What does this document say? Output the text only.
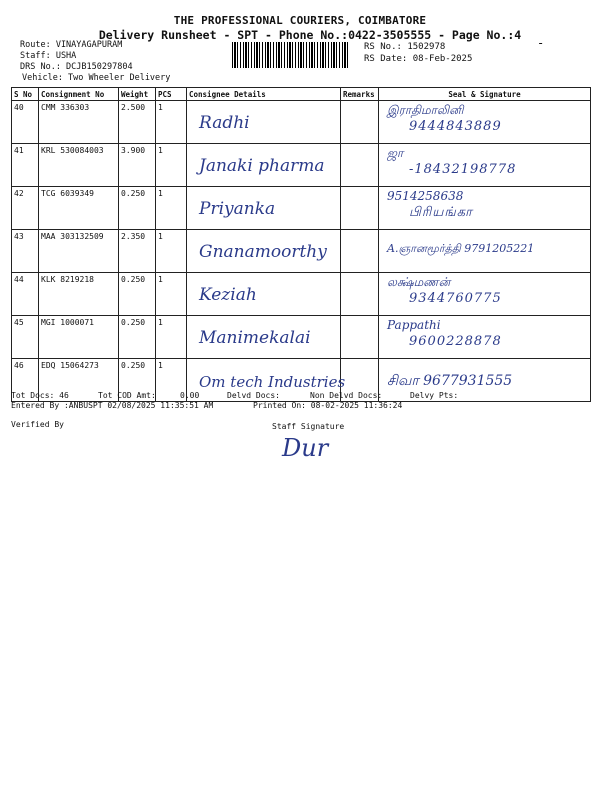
THE PROFESSIONAL COURIERS, COIMBATORE
Delivery Runsheet - SPT - Phone No.:0422-3505555 - Page No.:4
Route: VINAYAGAPURAM
Staff: USHA
DRS No.: DCJB150297804
Vehicle: Two Wheeler Delivery
RS No.: 1502978
RS Date: 08-Feb-2025
-
S No	Consignment No	Weight	PCS	Consignee Details	Remarks	Seal & Signature
40	CMM 336303	2.500	1	Radhi		இராதிமாலினி
9444843889

41	KRL 530084003	3.900	1	Janaki pharma		ஜா
-18432198778

42	TCG 6039349	0.250	1	Priyanka		9514258638
பிரியங்கா

43	MAA 303132509	2.350	1	Gnanamoorthy		A.ஞானமூர்த்தி 9791205221

44	KLK 8219218	0.250	1	Keziah		லக்ஷ்மணன்
9344760775

45	MGI 1000071	0.250	1	Manimekalai		Pappathi
9600228878

46	EDQ 15064273	0.250	1	Om tech Industries		சிவா 9677931555
Tot Docs: 46	Tot COD Amt:	0.00	Delvd Docs:	Non Delvd Docs:	Delvy Pts:
Entered By :ANBUSPT 02/08/2025 11:35:51 AM	Printed On: 08-02-2025 11:36:24
Verified By	Staff Signature
Dur
